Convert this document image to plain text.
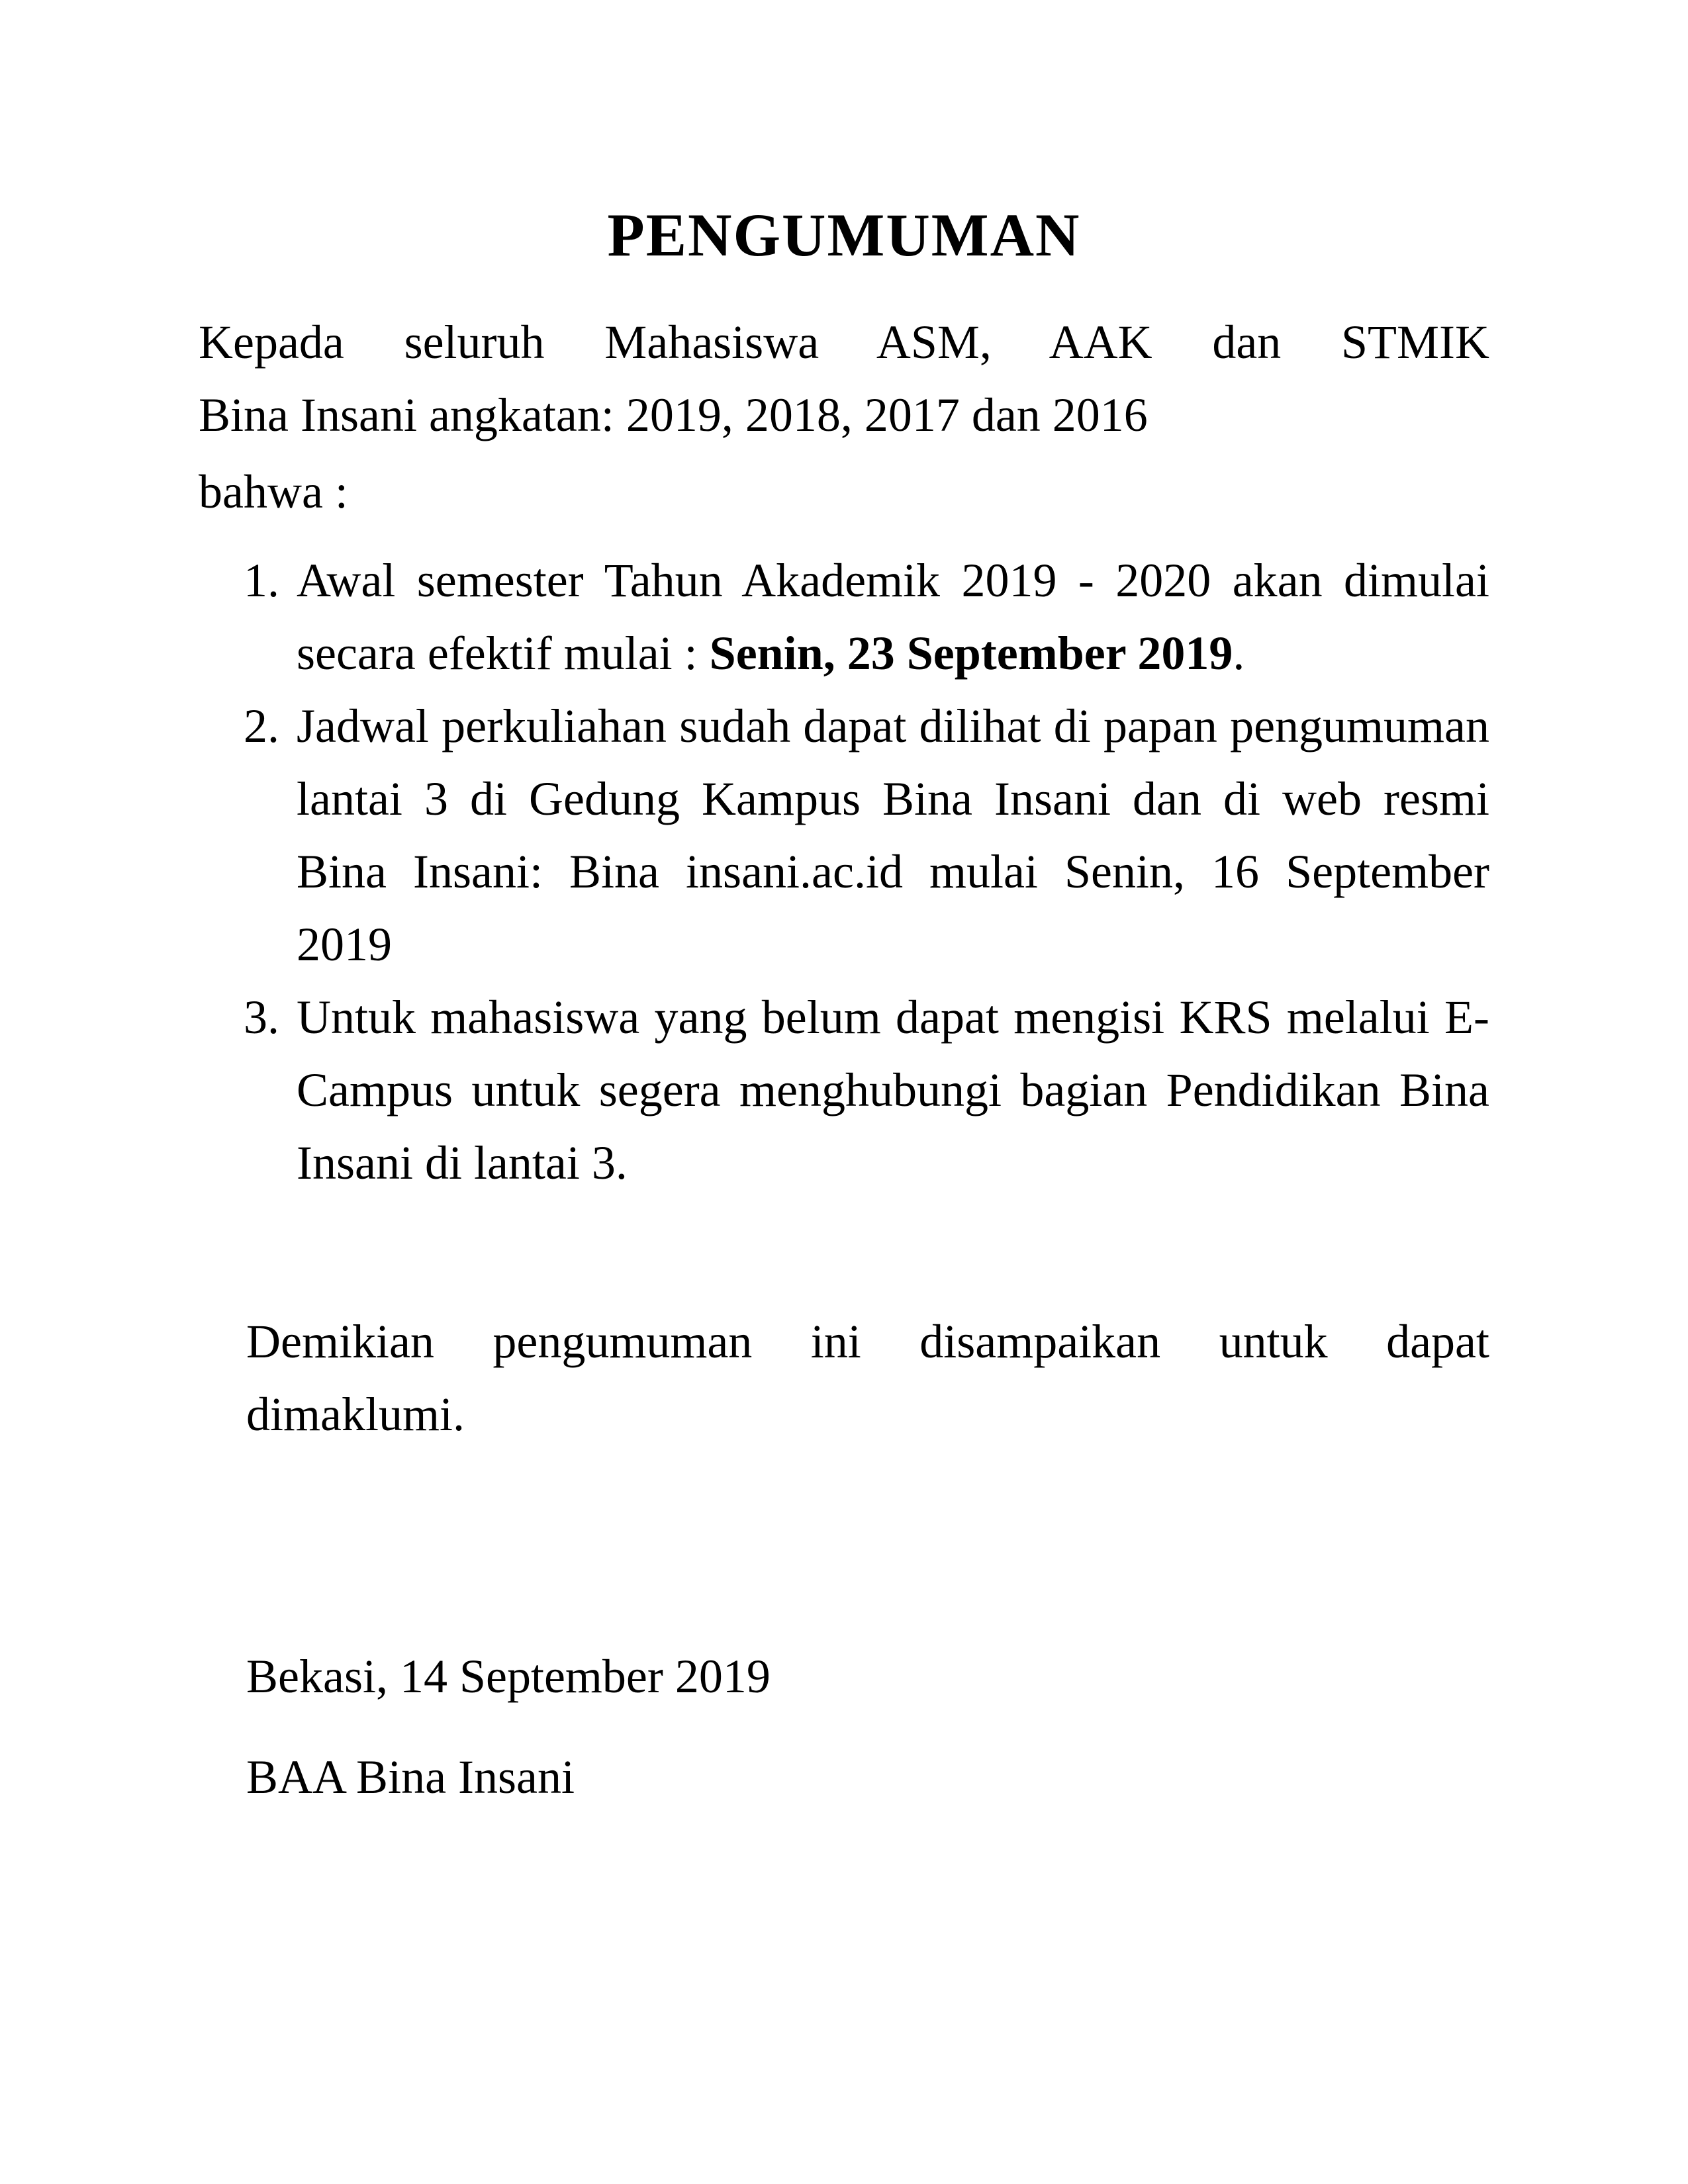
PENGUMUMAN
Kepada seluruh Mahasiswa ASM, AAK dan STMIK
Bina Insani angkatan: 2019, 2018, 2017 dan 2016
bahwa :
1. Awal semester Tahun Akademik 2019 - 2020 akan dimulai secara efektif mulai : Senin, 23 September 2019.
2. Jadwal perkuliahan sudah dapat dilihat di papan pengumuman lantai 3 di Gedung Kampus Bina Insani dan di web resmi Bina Insani: Bina insani.ac.id mulai Senin, 16 September 2019
3. Untuk mahasiswa yang belum dapat mengisi KRS melalui E-Campus untuk segera menghubungi bagian Pendidikan Bina Insani di lantai 3.
Demikian pengumuman ini disampaikan untuk dapat
dimaklumi.
Bekasi, 14 September 2019
BAA Bina Insani
